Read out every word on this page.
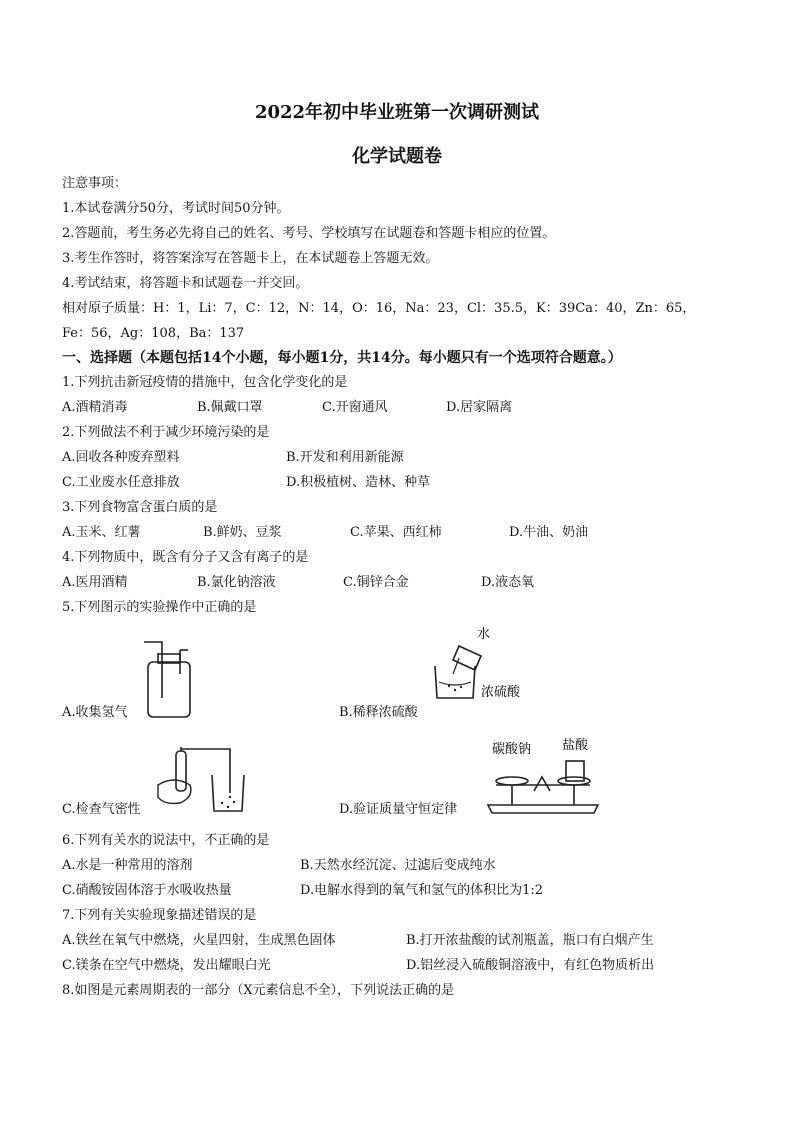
2022年初中毕业班第一次调研测试
化学试题卷
注意事项：
1.本试卷满分50分，考试时间50分钟。
2.答题前，考生务必先将自己的姓名、考号、学校填写在试题卷和答题卡相应的位置。
3.考生作答时，将答案涂写在答题卡上，在本试题卷上答题无效。
4.考试结束，将答题卡和试题卷一并交回。
相对原子质量：H：1，Li：7，C：12，N：14，O：16，Na：23，Cl：35.5，K：39Ca：40，Zn：65，
Fe：56，Ag：108，Ba：137
一、选择题（本题包括14个小题，每小题1分，共14分。每小题只有一个选项符合题意。）
1.下列抗击新冠疫情的措施中，包含化学变化的是
A.酒精消毒	B.佩戴口罩	C.开窗通风	D.居家隔离
2.下列做法不利于减少环境污染的是
A.回收各种废弃塑料	B.开发和利用新能源
C.工业废水任意排放	D.积极植树、造林、种草
3.下列食物富含蛋白质的是
A.玉米、红薯	B.鲜奶、豆浆	C.苹果、西红柿	D.牛油、奶油
4.下列物质中，既含有分子又含有离子的是
A.医用酒精	B.氯化钠溶液	C.铜锌合金	D.液态氧
5.下列图示的实验操作中正确的是
A.收集氢气
水
浓硫酸
B.稀释浓硫酸
C.检查气密性
碳酸钠 盐酸
D.验证质量守恒定律
6.下列有关水的说法中，不正确的是
A.水是一种常用的溶剂	B.天然水经沉淀、过滤后变成纯水
C.硝酸铵固体溶于水吸收热量	D.电解水得到的氧气和氢气的体积比为1:2
7.下列有关实验现象描述错误的是
A.铁丝在氧气中燃烧，火星四射，生成黑色固体	B.打开浓盐酸的试剂瓶盖，瓶口有白烟产生
C.镁条在空气中燃烧，发出耀眼白光	D.铝丝浸入硫酸铜溶液中，有红色物质析出
8.如图是元素周期表的一部分（X元素信息不全），下列说法正确的是
